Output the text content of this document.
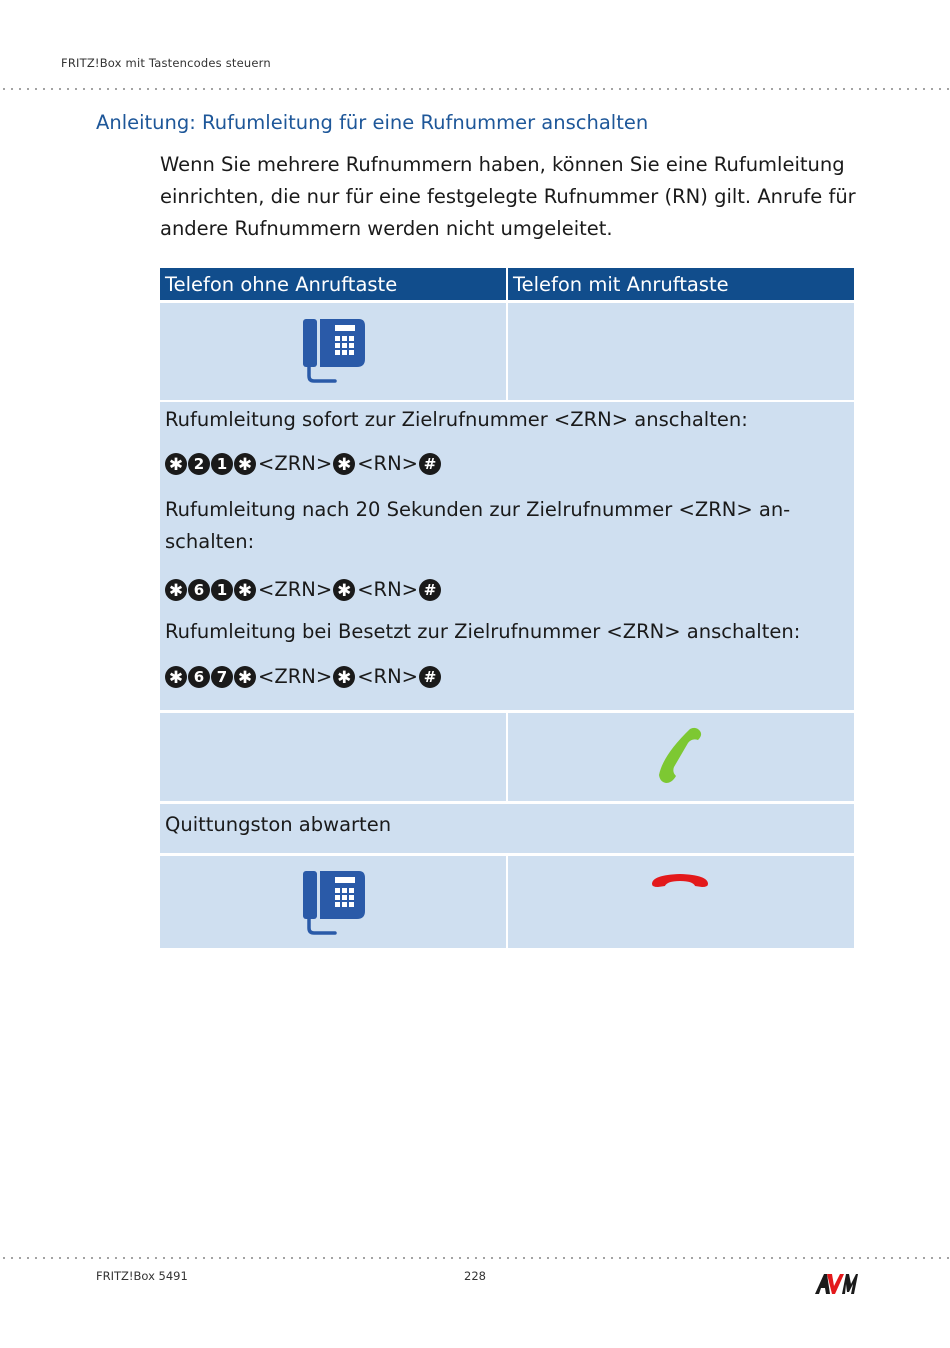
FRITZ!Box mit Tastencodes steuern
Anleitung: Rufumleitung für eine Rufnummer anschalten
Wenn Sie mehrere Rufnummern haben, können Sie eine Rufumleitung
einrichten, die nur für eine festgelegte Rufnummer (RN) gilt. Anrufe für
andere Rufnummern werden nicht umgeleitet.
Telefon ohne Anruftaste	Telefon mit Anruftaste
Rufumleitung sofort zur Zielrufnummer <ZRN> anschalten:
✱ 2 1 ✱ <ZRN> ✱ <RN> #
Rufumleitung nach 20 Sekunden zur Zielrufnummer <ZRN> an-
schalten:
✱ 6 1 ✱ <ZRN> ✱ <RN> #
Rufumleitung bei Besetzt zur Zielrufnummer <ZRN> anschalten:
✱ 6 7 ✱ <ZRN> ✱ <RN> #
Quittungston abwarten
FRITZ!Box 5491	228
